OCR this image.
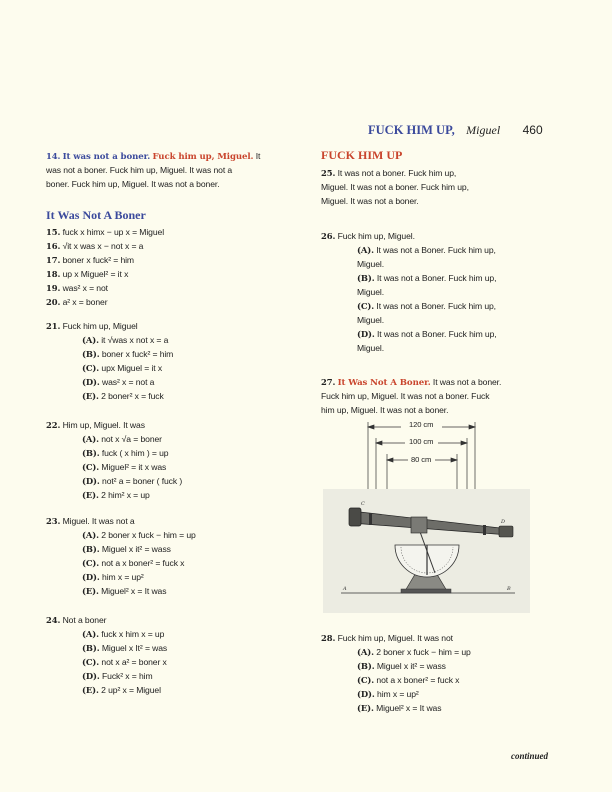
FUCK HIM UP, Miguel 460
14. It was not a boner. Fuck him up, Miguel. It
was not a boner. Fuck him up, Miguel. It was not a
boner. Fuck him up, Miguel. It was not a boner.
It Was Not A Boner
15. fuck x himx − up x = Miguel
16. √it x was x − not x = a
17. boner x fuck² = him
18. up x Miguel² = it x
19. was² x = not
20. a² x = boner
21. Fuck him up, Miguel
(A). it √was x not x = a
(B). boner x fuck² = him
(C). upx Miguel = it x
(D). was² x = not a
(E). 2 boner² x = fuck
22. Him up, Miguel. It was
(A). not x √a = boner
(B). fuck ( x him ) = up
(C). Miguel² = it x was
(D). not² a = boner ( fuck )
(E). 2 him² x = up
23. Miguel. It was not a
(A). 2 boner x fuck − him = up
(B). Miguel x it² = wass
(C). not a x boner² = fuck x
(D). him x = up²
(E). Miguel² x = It was
24. Not a boner
(A). fuck x him x = up
(B). Miguel x It² = was
(C). not x a² = boner x
(D). Fuck² x = him
(E). 2 up² x = Miguel
FUCK HIM UP
25. It was not a boner. Fuck him up,
Miguel. It was not a boner. Fuck him up,
Miguel. It was not a boner.
26. Fuck him up, Miguel.
(A). It was not a Boner. Fuck him up,
Miguel.
(B). It was not a Boner. Fuck him up,
Miguel.
(C). It was not a Boner. Fuck him up,
Miguel.
(D). It was not a Boner. Fuck him up,
Miguel.
27. It Was Not A Boner. It was not a boner.
Fuck him up, Miguel. It was not a boner. Fuck
him up, Miguel. It was not a boner.
120 cm
100 cm
80 cm
C
D
A	B
28. Fuck him up, Miguel. It was not
(A). 2 boner x fuck − him = up
(B). Miguel x it² = wass
(C). not a x boner² = fuck x
(D). him x = up²
(E). Miguel² x = It was
continued
